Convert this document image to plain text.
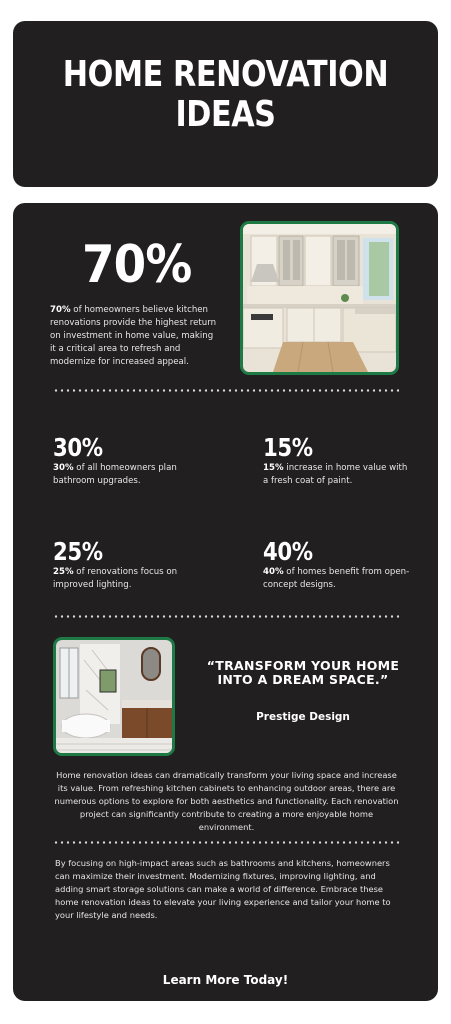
HOME RENOVATION
IDEAS
70%
70% of homeowners believe kitchen renovations provide the highest return on investment in home value, making it a critical area to refresh and modernize for increased appeal.
30%
30% of all homeowners plan bathroom upgrades.
15%
15% increase in home value with a fresh coat of paint.
25%
25% of renovations focus on improved lighting.
40%
40% of homes benefit from open-concept designs.
“TRANSFORM YOUR HOME INTO A DREAM SPACE.”
Prestige Design
Home renovation ideas can dramatically transform your living space and increase its value. From refreshing kitchen cabinets to enhancing outdoor areas, there are numerous options to explore for both aesthetics and functionality. Each renovation project can significantly contribute to creating a more enjoyable home environment.
By focusing on high-impact areas such as bathrooms and kitchens, homeowners can maximize their investment. Modernizing fixtures, improving lighting, and adding smart storage solutions can make a world of difference. Embrace these home renovation ideas to elevate your living experience and tailor your home to your lifestyle and needs.
Learn More Today!
